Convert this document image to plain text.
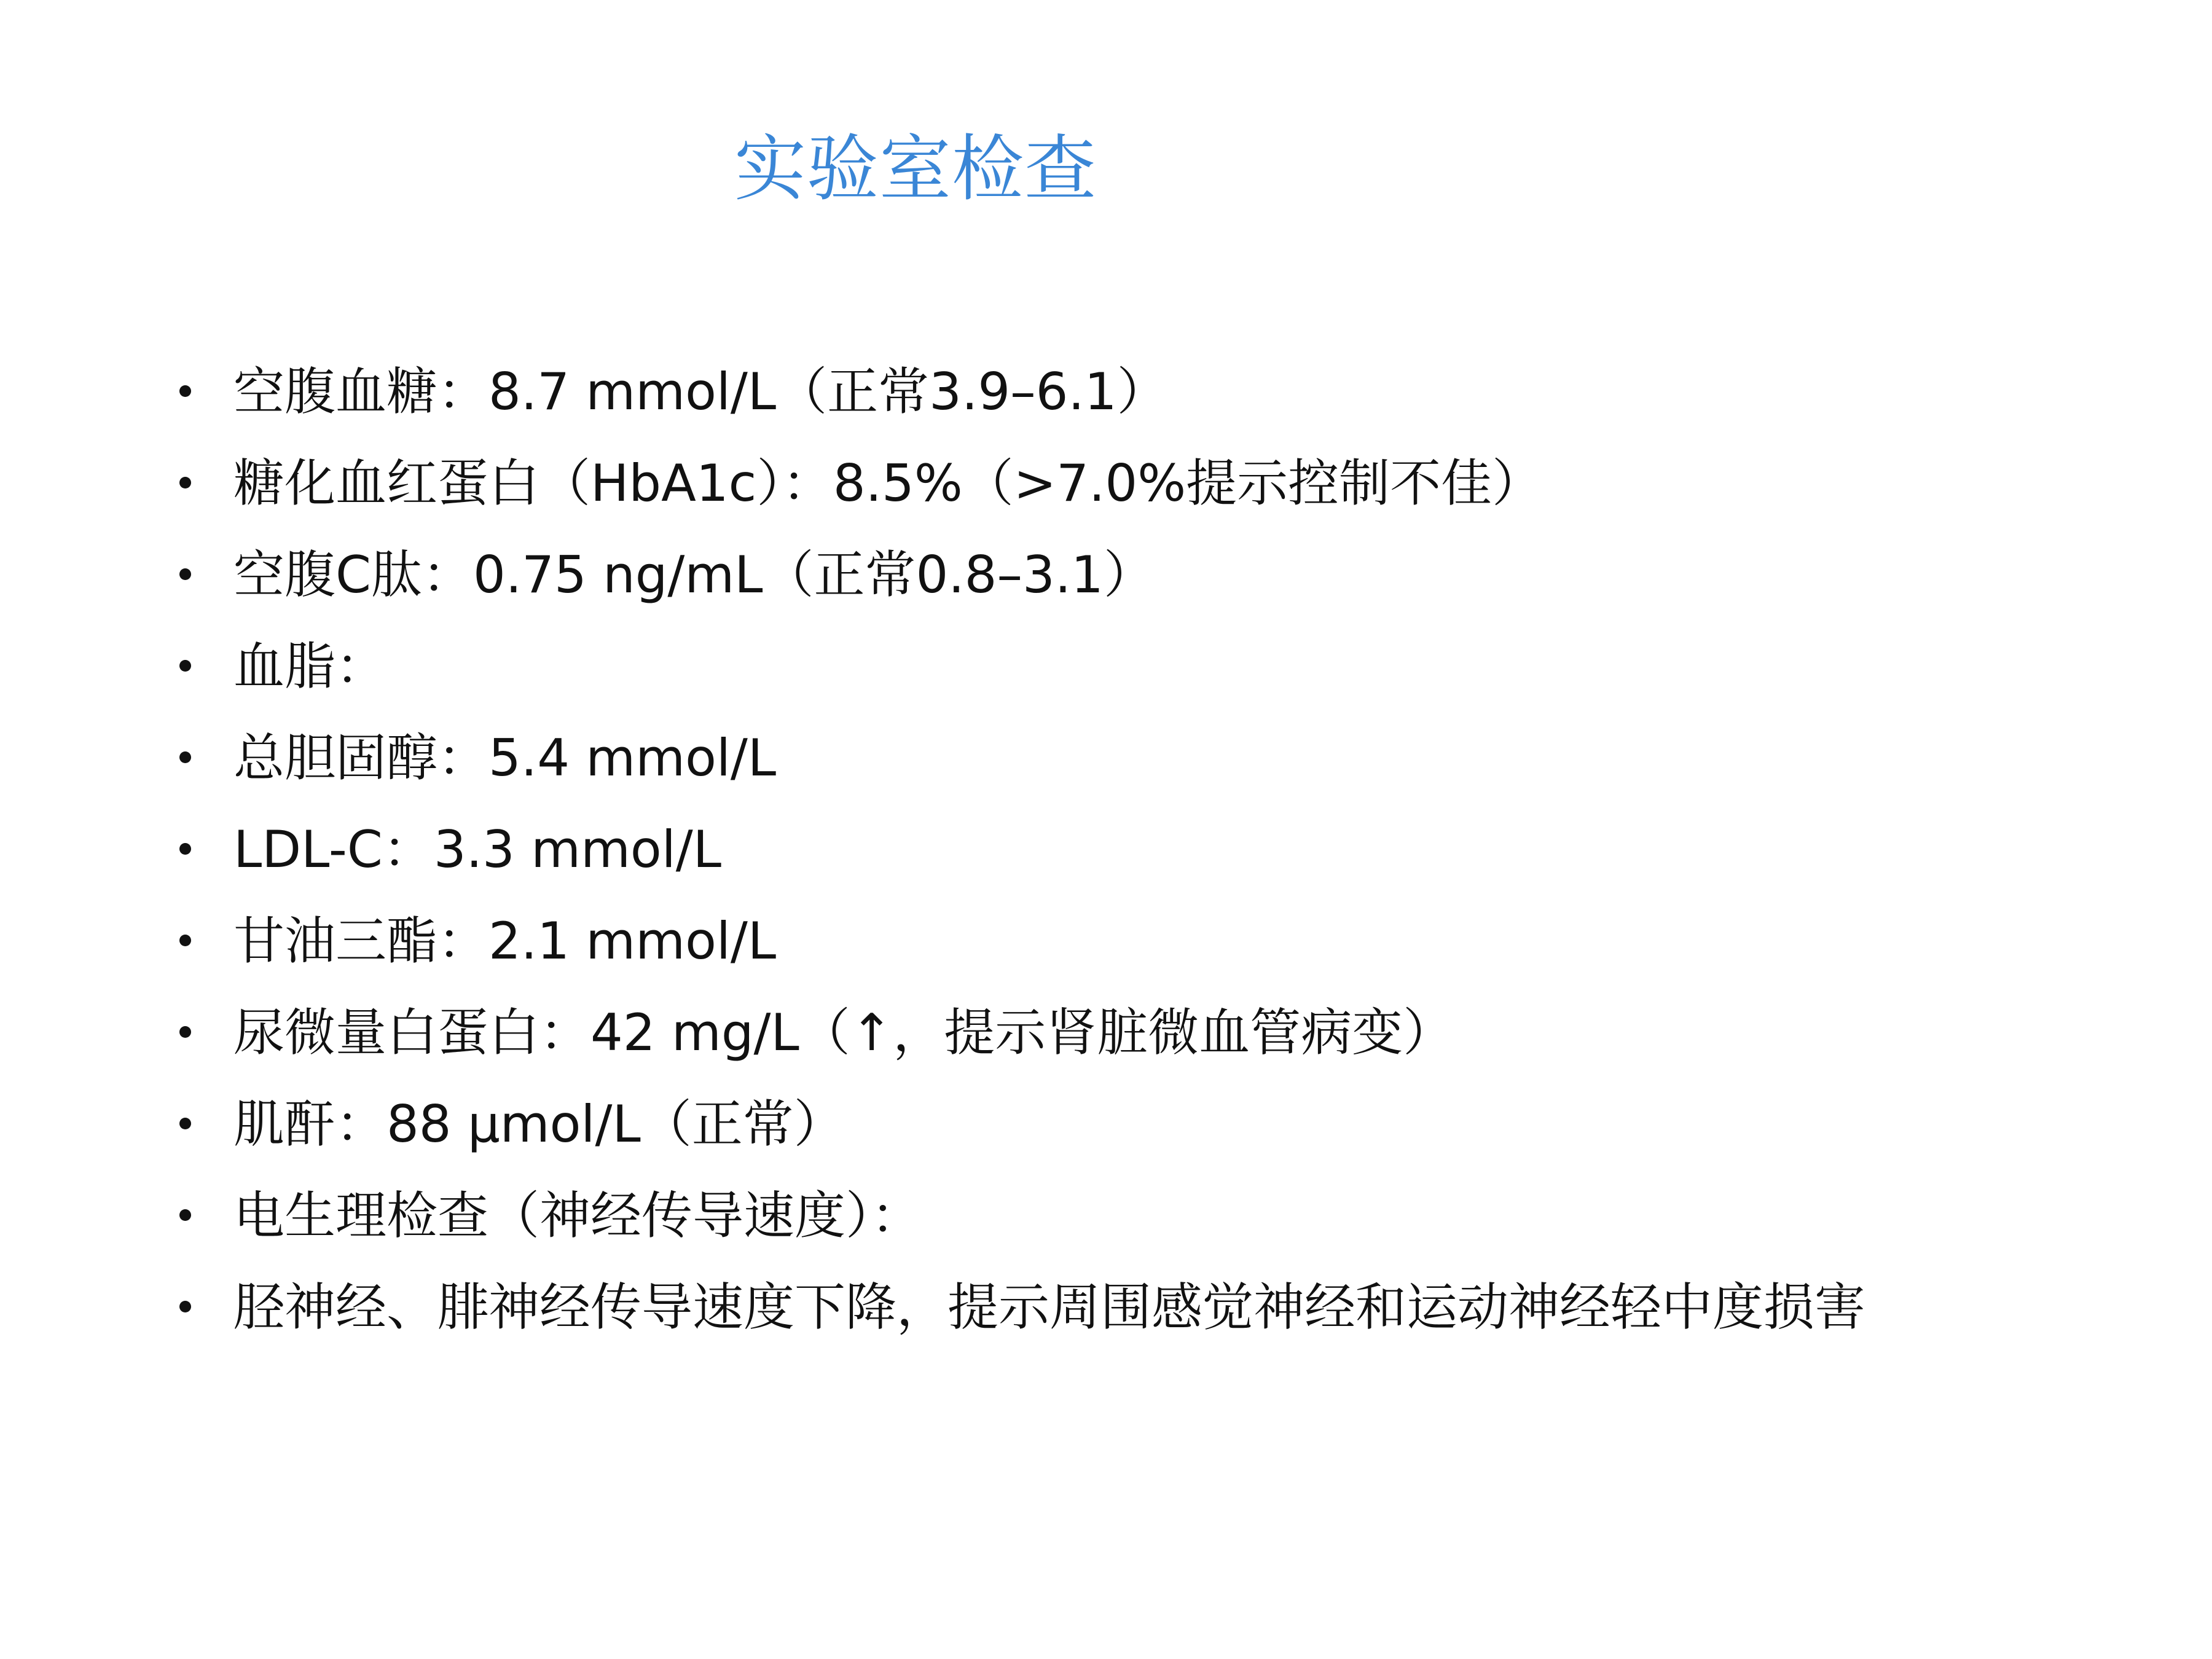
实验室检查
空腹血糖：8.7 mmol/L（正常3.9–6.1）
糖化血红蛋白（HbA1c）：8.5%（>7.0%提示控制不佳）
空腹C肽：0.75 ng/mL（正常0.8–3.1）
血脂：
总胆固醇：5.4 mmol/L
LDL-C：3.3 mmol/L
甘油三酯：2.1 mmol/L
尿微量白蛋白：42 mg/L（↑，提示肾脏微血管病变）
肌酐：88 µmol/L（正常）
电生理检查（神经传导速度）：
胫神经、腓神经传导速度下降，提示周围感觉神经和运动神经轻中度损害
